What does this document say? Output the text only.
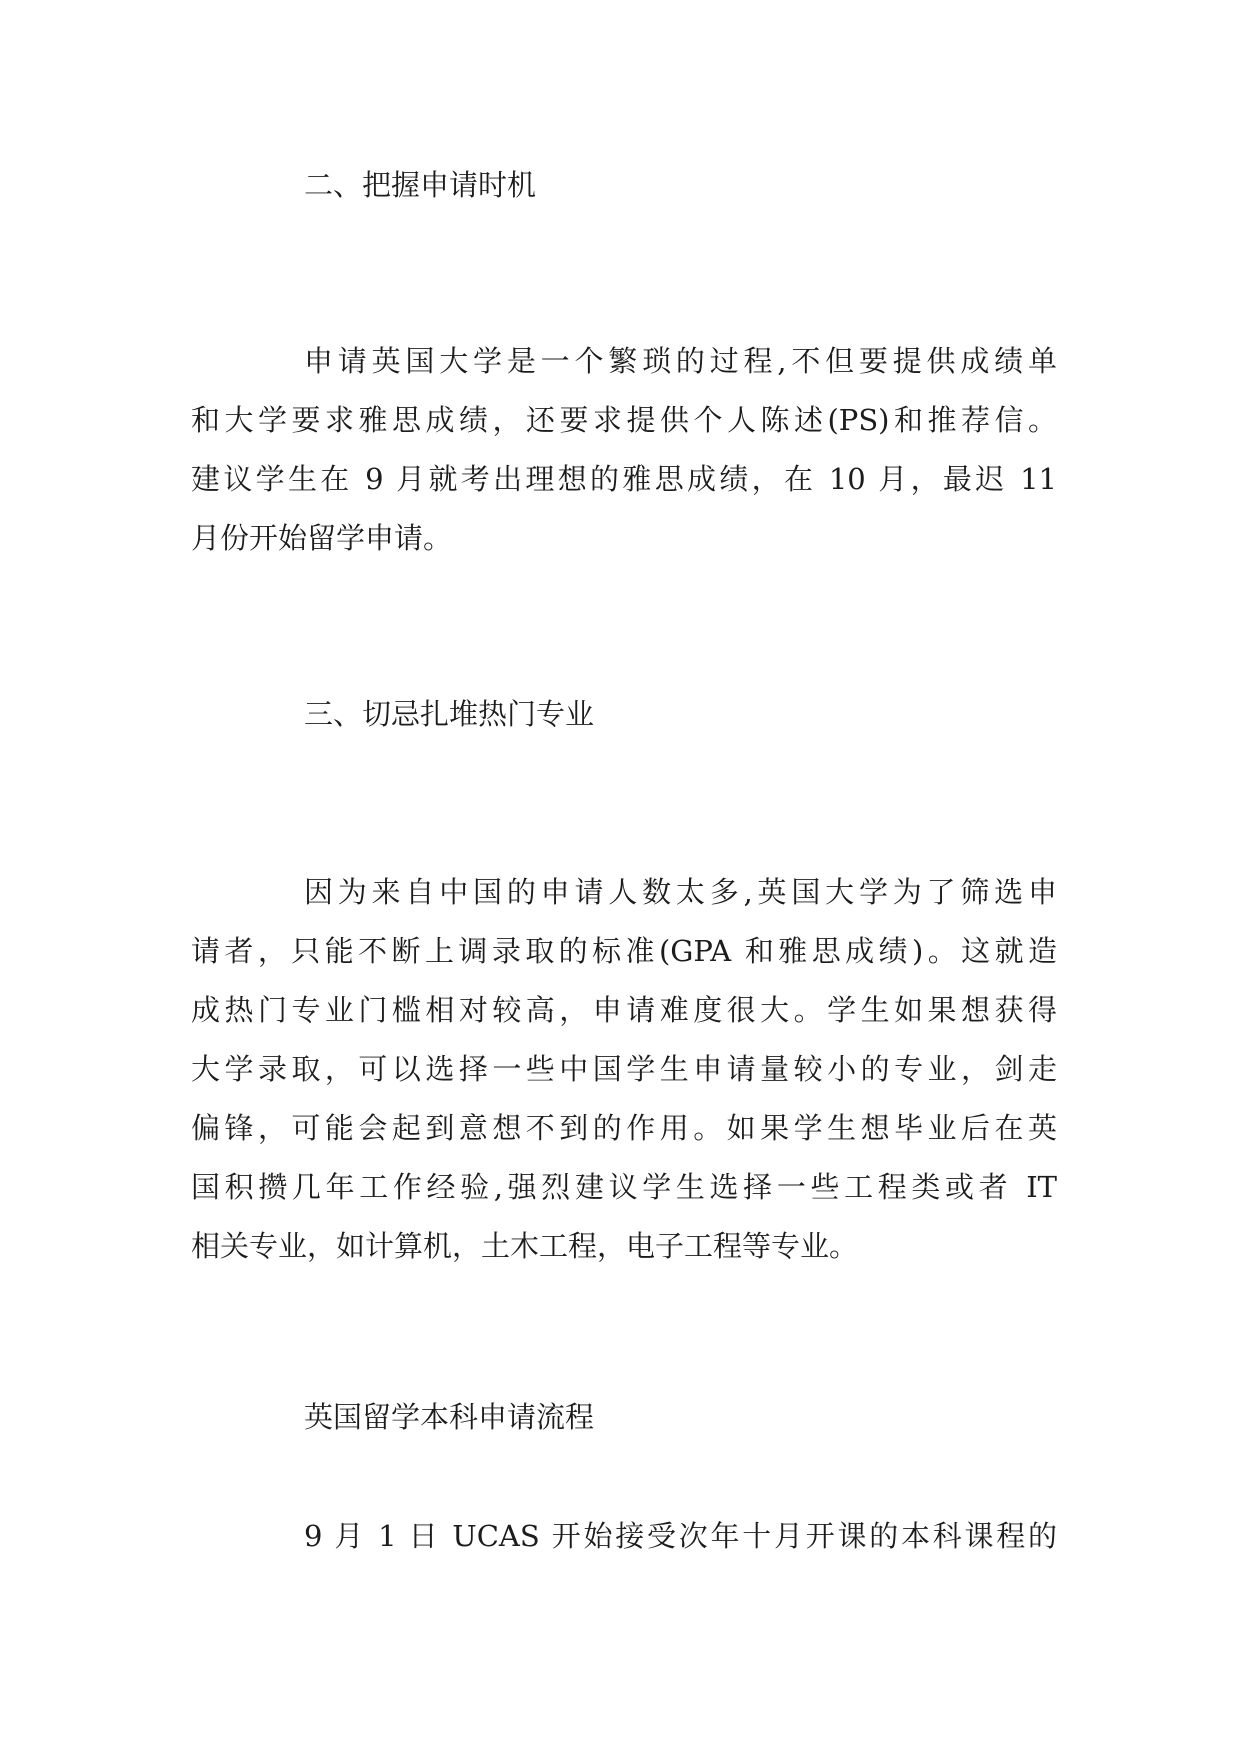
二、把握申请时机
申请英国大学是一个繁琐的过程,不但要提供成绩单
和大学要求雅思成绩，还要求提供个人陈述(PS)和推荐信。
建议学生在 9 月就考出理想的雅思成绩，在 10 月，最迟 11
月份开始留学申请。
三、切忌扎堆热门专业
因为来自中国的申请人数太多,英国大学为了筛选申
请者，只能不断上调录取的标准(GPA 和雅思成绩)。这就造
成热门专业门槛相对较高，申请难度很大。学生如果想获得
大学录取，可以选择一些中国学生申请量较小的专业，剑走
偏锋，可能会起到意想不到的作用。如果学生想毕业后在英
国积攒几年工作经验,强烈建议学生选择一些工程类或者 IT
相关专业，如计算机，土木工程，电子工程等专业。
英国留学本科申请流程
9 月 1 日 UCAS 开始接受次年十月开课的本科课程的
